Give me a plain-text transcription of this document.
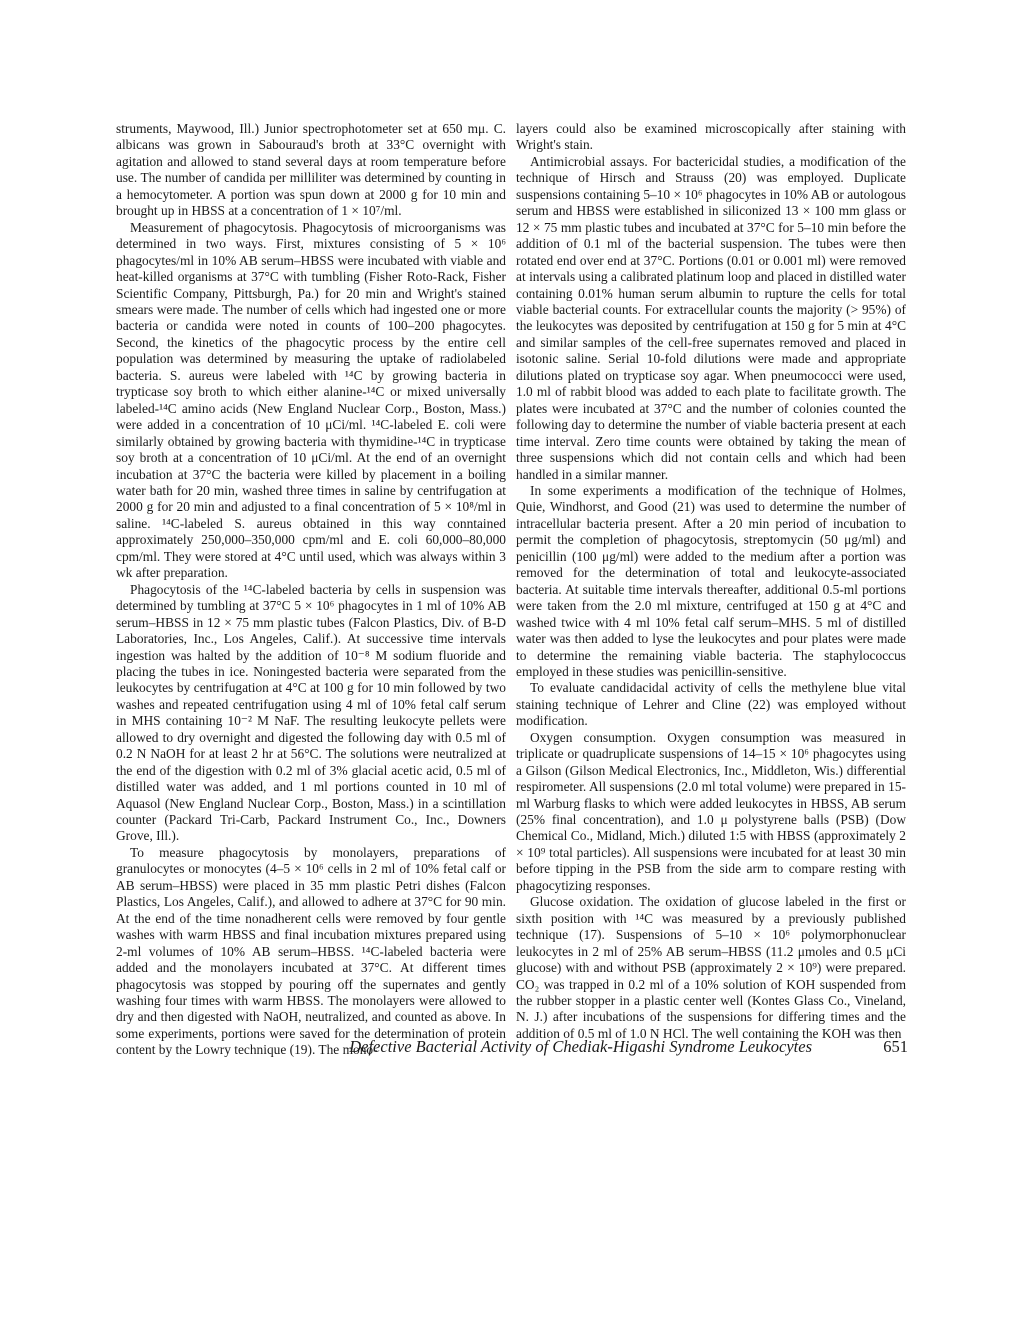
struments, Maywood, Ill.) Junior spectrophotometer set at 650 mμ. C. albicans was grown in Sabouraud's broth at 33°C overnight with agitation and allowed to stand several days at room temperature before use. The number of candida per milliliter was determined by counting in a hemocytometer. A portion was spun down at 2000 g for 10 min and brought up in HBSS at a concentration of 1 × 10⁷/ml.

Measurement of phagocytosis. Phagocytosis of microorganisms was determined in two ways. First, mixtures consisting of 5 × 10⁶ phagocytes/ml in 10% AB serum–HBSS were incubated with viable and heat-killed organisms at 37°C with tumbling (Fisher Roto-Rack, Fisher Scientific Company, Pittsburgh, Pa.) for 20 min and Wright's stained smears were made. The number of cells which had ingested one or more bacteria or candida were noted in counts of 100–200 phagocytes. Second, the kinetics of the phagocytic process by the entire cell population was determined by measuring the uptake of radiolabeled bacteria. S. aureus were labeled with ¹⁴C by growing bacteria in trypticase soy broth to which either alanine-¹⁴C or mixed universally labeled-¹⁴C amino acids (New England Nuclear Corp., Boston, Mass.) were added in a concentration of 10 μCi/ml. ¹⁴C-labeled E. coli were similarly obtained by growing bacteria with thymidine-¹⁴C in trypticase soy broth at a concentration of 10 μCi/ml. At the end of an overnight incubation at 37°C the bacteria were killed by placement in a boiling water bath for 20 min, washed three times in saline by centrifugation at 2000 g for 20 min and adjusted to a final concentration of 5 × 10⁸/ml in saline. ¹⁴C-labeled S. aureus obtained in this way conntained approximately 250,000–350,000 cpm/ml and E. coli 60,000–80,000 cpm/ml. They were stored at 4°C until used, which was always within 3 wk after preparation.

Phagocytosis of the ¹⁴C-labeled bacteria by cells in suspension was determined by tumbling at 37°C 5 × 10⁶ phagocytes in 1 ml of 10% AB serum–HBSS in 12 × 75 mm plastic tubes (Falcon Plastics, Div. of B-D Laboratories, Inc., Los Angeles, Calif.). At successive time intervals ingestion was halted by the addition of 10⁻⁸ M sodium fluoride and placing the tubes in ice. Noningested bacteria were separated from the leukocytes by centrifugation at 4°C at 100 g for 10 min followed by two washes and repeated centrifugation using 4 ml of 10% fetal calf serum in MHS containing 10⁻² M NaF. The resulting leukocyte pellets were allowed to dry overnight and digested the following day with 0.5 ml of 0.2 N NaOH for at least 2 hr at 56°C. The solutions were neutralized at the end of the digestion with 0.2 ml of 3% glacial acetic acid, 0.5 ml of distilled water was added, and 1 ml portions counted in 10 ml of Aquasol (New England Nuclear Corp., Boston, Mass.) in a scintillation counter (Packard Tri-Carb, Packard Instrument Co., Inc., Downers Grove, Ill.).

To measure phagocytosis by monolayers, preparations of granulocytes or monocytes (4–5 × 10⁶ cells in 2 ml of 10% fetal calf or AB serum–HBSS) were placed in 35 mm plastic Petri dishes (Falcon Plastics, Los Angeles, Calif.), and allowed to adhere at 37°C for 90 min. At the end of the time nonadherent cells were removed by four gentle washes with warm HBSS and final incubation mixtures prepared using 2-ml volumes of 10% AB serum–HBSS. ¹⁴C-labeled bacteria were added and the monolayers incubated at 37°C. At different times phagocytosis was stopped by pouring off the supernates and gently washing four times with warm HBSS. The monolayers were allowed to dry and then digested with NaOH, neutralized, and counted as above. In some experiments, portions were saved for the determination of protein content by the Lowry technique (19). The mono-

layers could also be examined microscopically after staining with Wright's stain.

Antimicrobial assays. For bactericidal studies, a modification of the technique of Hirsch and Strauss (20) was employed. Duplicate suspensions containing 5–10 × 10⁶ phagocytes in 10% AB or autologous serum and HBSS were established in siliconized 13 × 100 mm glass or 12 × 75 mm plastic tubes and incubated at 37°C for 5–10 min before the addition of 0.1 ml of the bacterial suspension. The tubes were then rotated end over end at 37°C. Portions (0.01 or 0.001 ml) were removed at intervals using a calibrated platinum loop and placed in distilled water containing 0.01% human serum albumin to rupture the cells for total viable bacterial counts. For extracellular counts the majority (> 95%) of the leukocytes was deposited by centrifugation at 150 g for 5 min at 4°C and similar samples of the cell-free supernates removed and placed in isotonic saline. Serial 10-fold dilutions were made and appropriate dilutions plated on trypticase soy agar. When pneumococci were used, 1.0 ml of rabbit blood was added to each plate to facilitate growth. The plates were incubated at 37°C and the number of colonies counted the following day to determine the number of viable bacteria present at each time interval. Zero time counts were obtained by taking the mean of three suspensions which did not contain cells and which had been handled in a similar manner.

In some experiments a modification of the technique of Holmes, Quie, Windhorst, and Good (21) was used to determine the number of intracellular bacteria present. After a 20 min period of incubation to permit the completion of phagocytosis, streptomycin (50 μg/ml) and penicillin (100 μg/ml) were added to the medium after a portion was removed for the determination of total and leukocyte-associated bacteria. At suitable time intervals thereafter, additional 0.5-ml portions were taken from the 2.0 ml mixture, centrifuged at 150 g at 4°C and washed twice with 4 ml 10% fetal calf serum–MHS. 5 ml of distilled water was then added to lyse the leukocytes and pour plates were made to determine the remaining viable bacteria. The staphylococcus employed in these studies was penicillin-sensitive.

To evaluate candidacidal activity of cells the methylene blue vital staining technique of Lehrer and Cline (22) was employed without modification.

Oxygen consumption. Oxygen consumption was measured in triplicate or quadruplicate suspensions of 14–15 × 10⁶ phagocytes using a Gilson (Gilson Medical Electronics, Inc., Middleton, Wis.) differential respirometer. All suspensions (2.0 ml total volume) were prepared in 15-ml Warburg flasks to which were added leukocytes in HBSS, AB serum (25% final concentration), and 1.0 μ polystyrene balls (PSB) (Dow Chemical Co., Midland, Mich.) diluted 1:5 with HBSS (approximately 2 × 10⁹ total particles). All suspensions were incubated for at least 30 min before tipping in the PSB from the side arm to compare resting with phagocytizing responses.

Glucose oxidation. The oxidation of glucose labeled in the first or sixth position with ¹⁴C was measured by a previously published technique (17). Suspensions of 5–10 × 10⁶ polymorphonuclear leukocytes in 2 ml of 25% AB serum–HBSS (11.2 μmoles and 0.5 μCi glucose) with and without PSB (approximately 2 × 10⁹) were prepared. CO₂ was trapped in 0.2 ml of a 10% solution of KOH suspended from the rubber stopper in a plastic center well (Kontes Glass Co., Vineland, N. J.) after incubations of the suspensions for differing times and the addition of 0.5 ml of 1.0 N HCl. The well containing the KOH was then

Defective Bacterial Activity of Chediak-Higashi Syndrome Leukocytes	651
